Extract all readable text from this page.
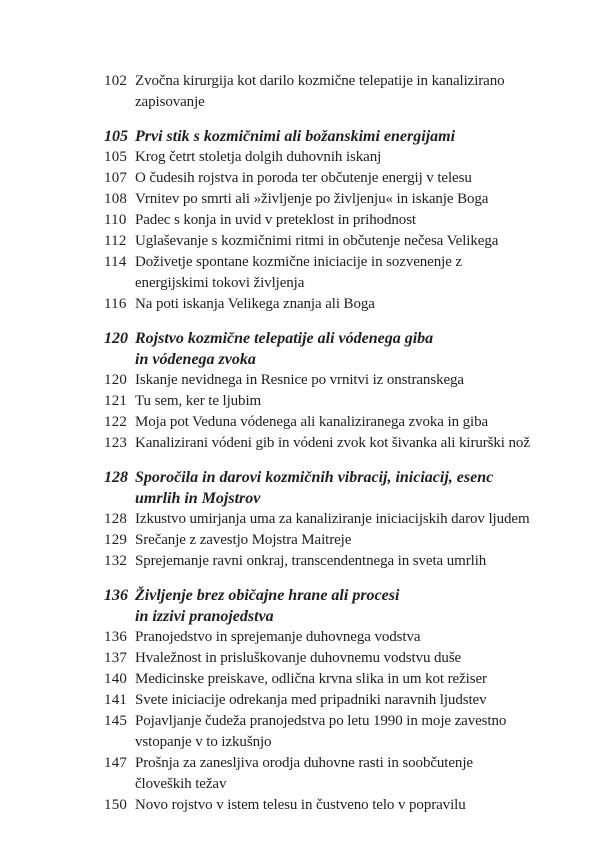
102 Zvočna kirurgija kot darilo kozmične telepatije in kanalizirano
zapisovanje
105 Prvi stik s kozmičnimi ali božanskimi energijami
105 Krog četrt stoletja dolgih duhovnih iskanj
107 O čudesih rojstva in poroda ter občutenje energij v telesu
108 Vrnitev po smrti ali »življenje po življenju« in iskanje Boga
110 Padec s konja in uvid v preteklost in prihodnost
112 Uglaševanje s kozmičnimi ritmi in občutenje nečesa Velikega
114 Doživetje spontane kozmične iniciacije in sozvenenje z
energijskimi tokovi življenja
116 Na poti iskanja Velikega znanja ali Boga
120 Rojstvo kozmične telepatije ali vódenega giba
in vódenega zvoka
120 Iskanje nevidnega in Resnice po vrnitvi iz onstranskega
121 Tu sem, ker te ljubim
122 Moja pot Veduna vódenega ali kanaliziranega zvoka in giba
123 Kanalizirani vódeni gib in vódeni zvok kot šivanka ali kirurški nož
128 Sporočila in darovi kozmičnih vibracij, iniciacij, esenc
umrlih in Mojstrov
128 Izkustvo umirjanja uma za kanaliziranje iniciacijskih darov ljudem
129 Srečanje z zavestjo Mojstra Maitreje
132 Sprejemanje ravni onkraj, transcendentnega in sveta umrlih
136 Življenje brez običajne hrane ali procesi
in izzivi pranojedstva
136 Pranojedstvo in sprejemanje duhovnega vodstva
137 Hvaležnost in prisluškovanje duhovnemu vodstvu duše
140 Medicinske preiskave, odlična krvna slika in um kot režiser
141 Svete iniciacije odrekanja med pripadniki naravnih ljudstev
145 Pojavljanje čudeža pranojedstva po letu 1990 in moje zavestno
vstopanje v to izkušnjo
147 Prošnja za zanesljiva orodja duhovne rasti in soobčutenje
človeških težav
150 Novo rojstvo v istem telesu in čustveno telo v popravilu
